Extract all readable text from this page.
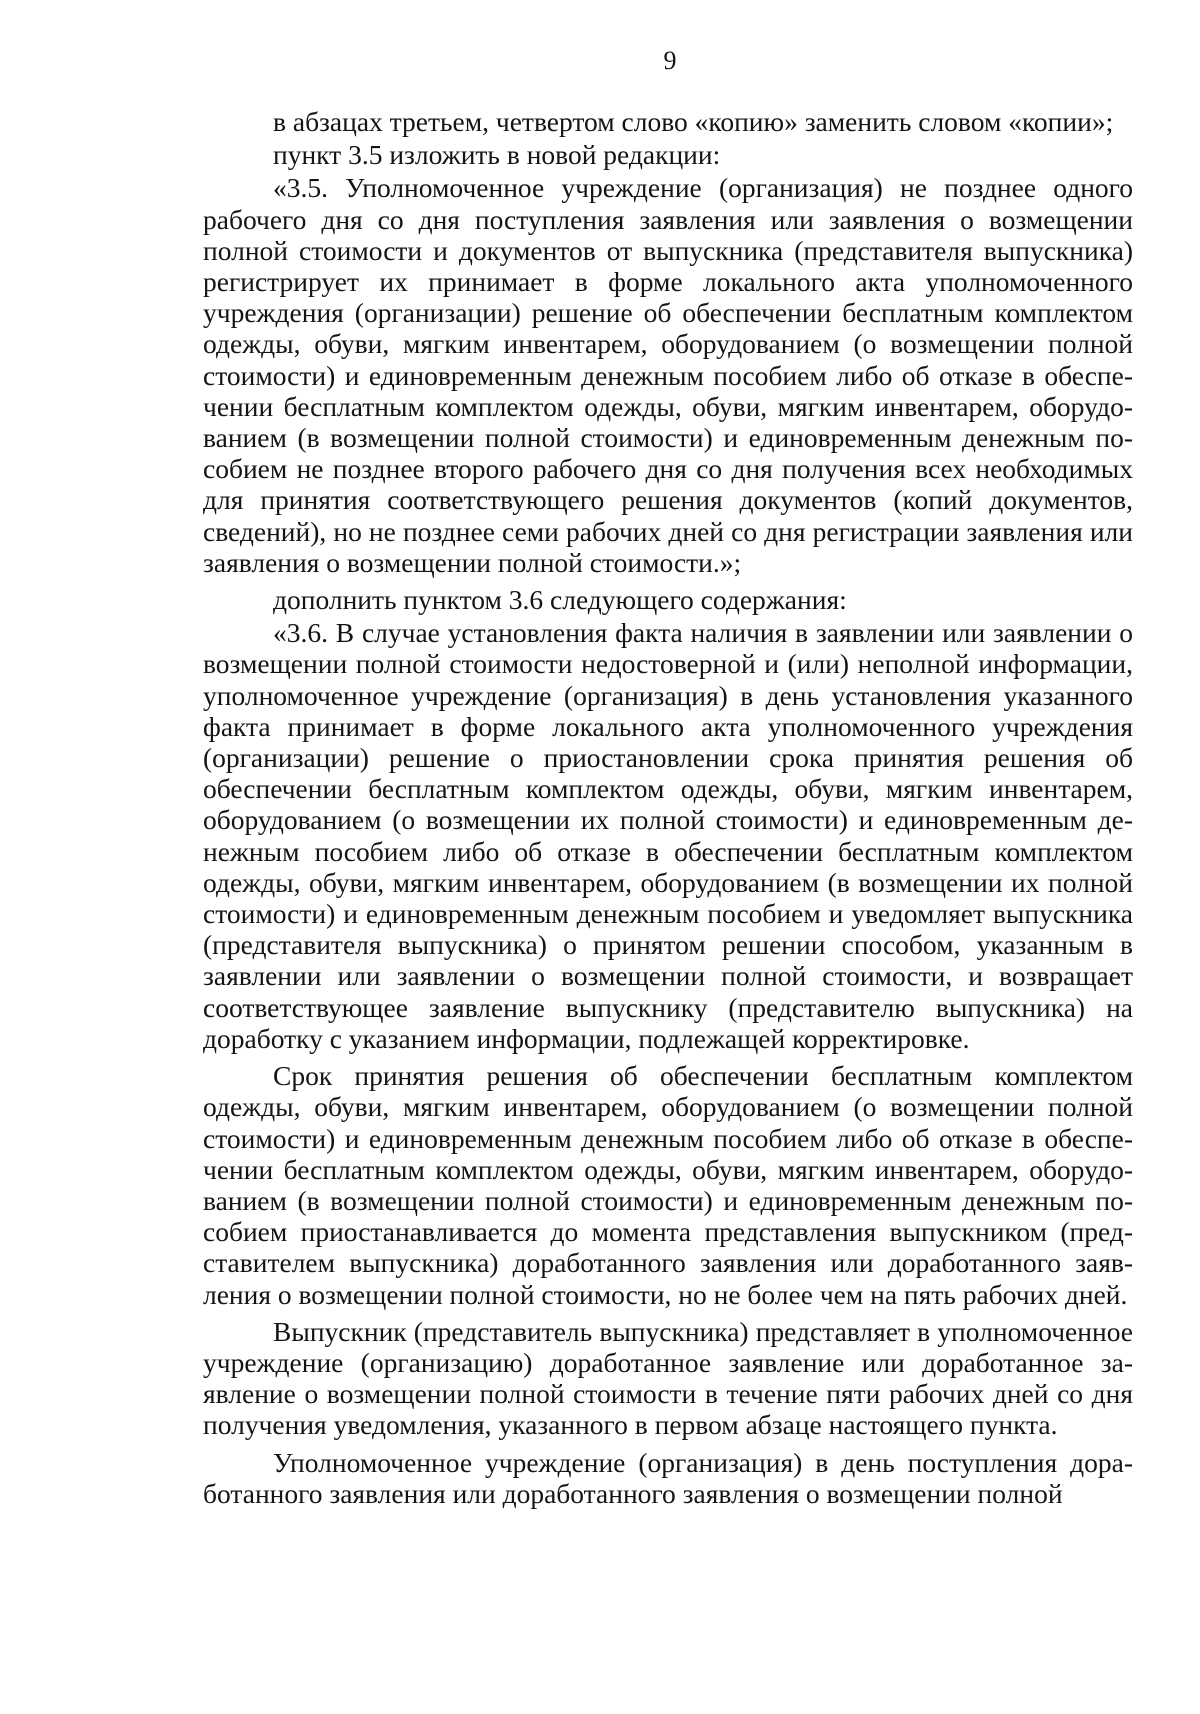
9

в абзацах третьем, четвертом слово «копию» заменить словом «копии»;

пункт 3.5 изложить в новой редакции:

«3.5. Уполномоченное учреждение (организация) не позднее одного рабочего дня со дня поступления заявления или заявления о возмещении полной стоимости и документов от выпускника (представителя выпускника) регистрирует их принимает в форме локального акта уполномоченного учреждения (организации) решение об обеспечении бесплатным комплектом одежды, обуви, мягким инвентарем, оборудованием (о возмещении полной стоимости) и единовременным денежным пособием либо об отказе в обеспечении бесплатным комплектом одежды, обуви, мягким инвентарем, оборудованием (в возмещении полной стоимости) и единовременным денежным пособием не позднее второго рабочего дня со дня получения всех необходимых для принятия соответствующего решения документов (копий документов, сведений), но не позднее семи рабочих дней со дня регистрации заявления или заявления о возмещении полной стоимости.»;

дополнить пунктом 3.6 следующего содержания:

«3.6. В случае установления факта наличия в заявлении или заявлении о возмещении полной стоимости недостоверной и (или) неполной информации, уполномоченное учреждение (организация) в день установления указанного факта принимает в форме локального акта уполномоченного учреждения (организации) решение о приостановлении срока принятия решения об обеспечении бесплатным комплектом одежды, обуви, мягким инвентарем, оборудованием (о возмещении их полной стоимости) и единовременным денежным пособием либо об отказе в обеспечении бесплатным комплектом одежды, обуви, мягким инвентарем, оборудованием (в возмещении их полной стоимости) и единовременным денежным пособием и уведомляет выпускника (представителя выпускника) о принятом решении способом, указанным в заявлении или заявлении о возмещении полной стоимости, и возвращает соответствующее заявление выпускнику (представителю выпускника) на доработку с указанием информации, подлежащей корректировке.

Срок принятия решения об обеспечении бесплатным комплектом одежды, обуви, мягким инвентарем, оборудованием (о возмещении полной стоимости) и единовременным денежным пособием либо об отказе в обеспечении бесплатным комплектом одежды, обуви, мягким инвентарем, оборудованием (в возмещении полной стоимости) и единовременным денежным пособием приостанавливается до момента представления выпускником (представителем выпускника) доработанного заявления или доработанного заявления о возмещении полной стоимости, но не более чем на пять рабочих дней.

Выпускник (представитель выпускника) представляет в уполномоченное учреждение (организацию) доработанное заявление или доработанное заявление о возмещении полной стоимости в течение пяти рабочих дней со дня получения уведомления, указанного в первом абзаце настоящего пункта.

Уполномоченное учреждение (организация) в день поступления доработанного заявления или доработанного заявления о возмещении полной
